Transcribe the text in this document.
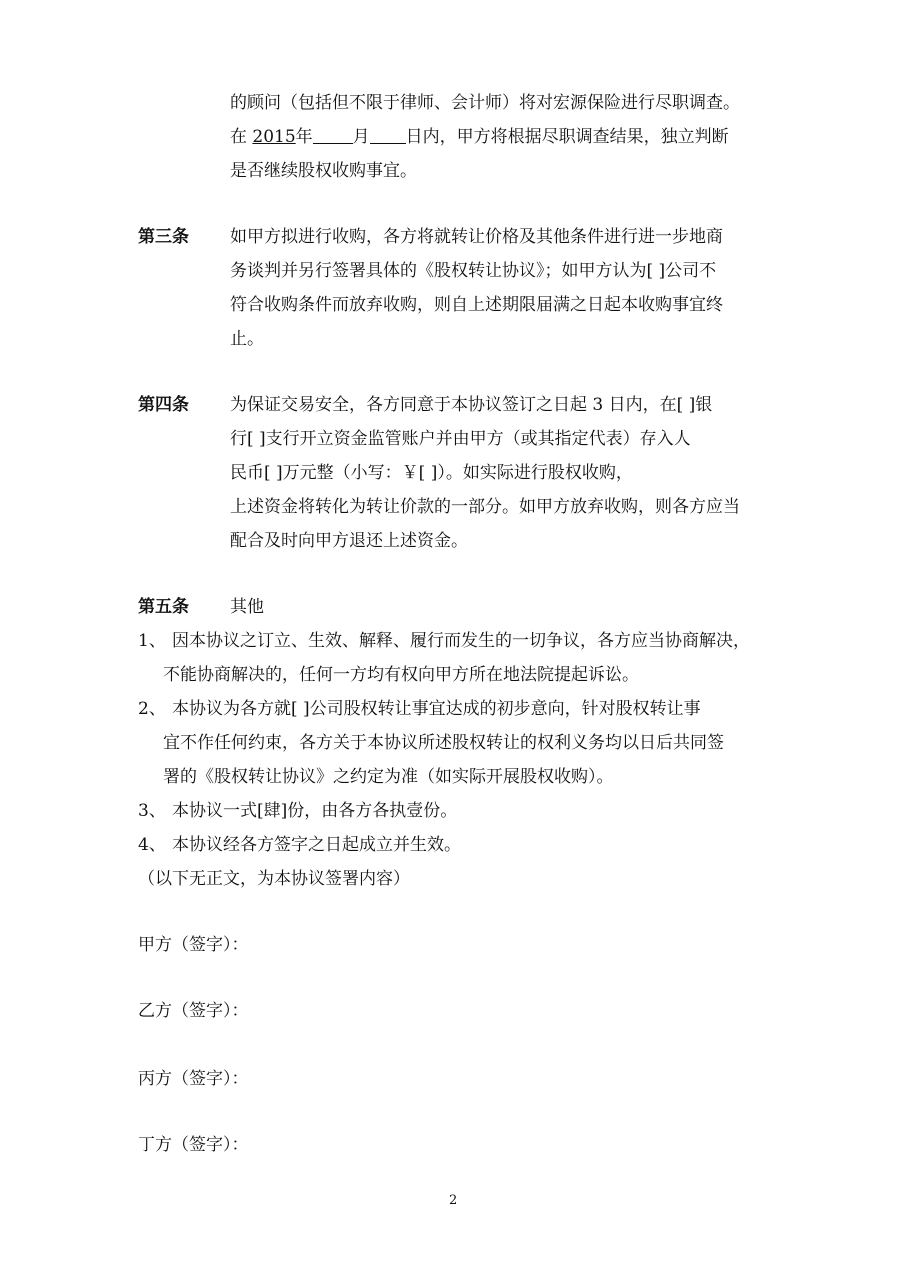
的顾问（包括但不限于律师、会计师）将对宏源保险进行尽职调查。
在 2015年 月 日内，甲方将根据尽职调查结果，独立判断
是否继续股权收购事宜。
第三条 如甲方拟进行收购，各方将就转让价格及其他条件进行进一步地商
务谈判并另行签署具体的《股权转让协议》；如甲方认为[ ]公司不
符合收购条件而放弃收购，则自上述期限届满之日起本收购事宜终
止。
第四条 为保证交易安全，各方同意于本协议签订之日起 3 日内，在[ ]银
行[ ]支行开立资金监管账户并由甲方（或其指定代表）存入人
民币[ ]万元整（小写：￥[ ]）。如实际进行股权收购，
上述资金将转化为转让价款的一部分。如甲方放弃收购，则各方应当
配合及时向甲方退还上述资金。
第五条 其他
1、 因本协议之订立、生效、解释、履行而发生的一切争议，各方应当协商解决，
不能协商解决的，任何一方均有权向甲方所在地法院提起诉讼。
2、 本协议为各方就[ ]公司股权转让事宜达成的初步意向，针对股权转让事
宜不作任何约束，各方关于本协议所述股权转让的权利义务均以日后共同签
署的《股权转让协议》之约定为准（如实际开展股权收购）。
3、 本协议一式[肆]份，由各方各执壹份。
4、 本协议经各方签字之日起成立并生效。
（以下无正文，为本协议签署内容）
甲方（签字）：
乙方（签字）：
丙方（签字）：
丁方（签字）：
2
